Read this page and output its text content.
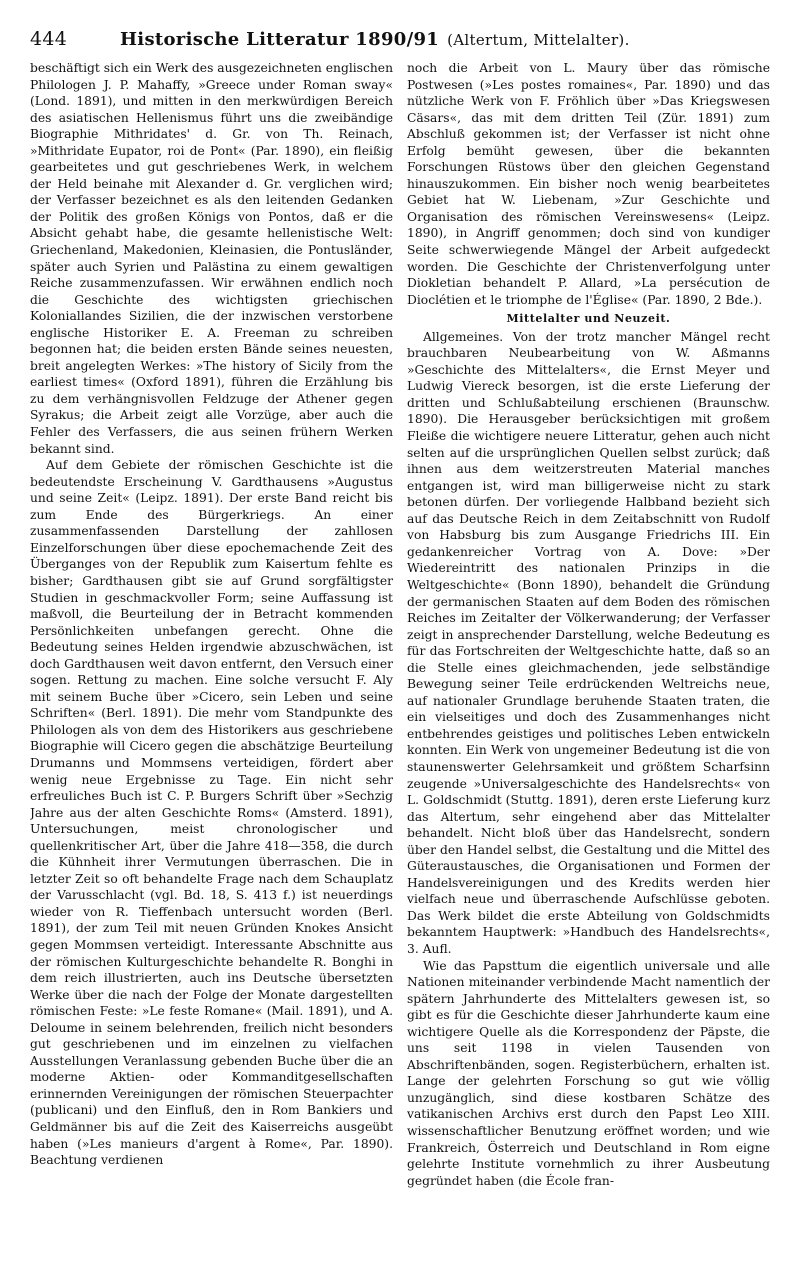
444	Historische Litteratur 1890/91 (Altertum, Mittelalter).

beschäftigt sich ein Werk des ausgezeichneten englischen Philologen J. P. Mahaffy, »Greece under Roman sway« (Lond. 1891), und mitten in den merkwürdigen Bereich des asiatischen Hellenismus führt uns die zweibändige Biographie Mithridates' d. Gr. von Th. Reinach, »Mithridate Eupator, roi de Pont« (Par. 1890), ein fleißig gearbeitetes und gut geschriebenes Werk, in welchem der Held beinahe mit Alexander d. Gr. verglichen wird; der Verfasser bezeichnet es als den leitenden Gedanken der Politik des großen Königs von Pontos, daß er die Absicht gehabt habe, die gesamte hellenistische Welt: Griechenland, Makedonien, Kleinasien, die Pontusländer, später auch Syrien und Palästina zu einem gewaltigen Reiche zusammenzufassen. Wir erwähnen endlich noch die Geschichte des wichtigsten griechischen Koloniallandes Sizilien, die der inzwischen verstorbene englische Historiker E. A. Freeman zu schreiben begonnen hat; die beiden ersten Bände seines neuesten, breit angelegten Werkes: »The history of Sicily from the earliest times« (Oxford 1891), führen die Erzählung bis zu dem verhängnisvollen Feldzuge der Athener gegen Syrakus; die Arbeit zeigt alle Vorzüge, aber auch die Fehler des Verfassers, die aus seinen frühern Werken bekannt sind.

Auf dem Gebiete der römischen Geschichte ist die bedeutendste Erscheinung V. Gardthausens »Augustus und seine Zeit« (Leipz. 1891). Der erste Band reicht bis zum Ende des Bürgerkriegs. An einer zusammenfassenden Darstellung der zahllosen Einzelforschungen über diese epochemachende Zeit des Überganges von der Republik zum Kaisertum fehlte es bisher; Gardthausen gibt sie auf Grund sorgfältigster Studien in geschmackvoller Form; seine Auffassung ist maßvoll, die Beurteilung der in Betracht kommenden Persönlichkeiten unbefangen gerecht. Ohne die Bedeutung seines Helden irgendwie abzuschwächen, ist doch Gardthausen weit davon entfernt, den Versuch einer sogen. Rettung zu machen. Eine solche versucht F. Aly mit seinem Buche über »Cicero, sein Leben und seine Schriften« (Berl. 1891). Die mehr vom Standpunkte des Philologen als von dem des Historikers aus geschriebene Biographie will Cicero gegen die abschätzige Beurteilung Drumanns und Mommsens verteidigen, fördert aber wenig neue Ergebnisse zu Tage. Ein nicht sehr erfreuliches Buch ist C. P. Burgers Schrift über »Sechzig Jahre aus der alten Geschichte Roms« (Amsterd. 1891), Untersuchungen, meist chronologischer und quellenkritischer Art, über die Jahre 418—358, die durch die Kühnheit ihrer Vermutungen überraschen. Die in letzter Zeit so oft behandelte Frage nach dem Schauplatz der Varusschlacht (vgl. Bd. 18, S. 413 f.) ist neuerdings wieder von R. Tieffenbach untersucht worden (Berl. 1891), der zum Teil mit neuen Gründen Knokes Ansicht gegen Mommsen verteidigt. Interessante Abschnitte aus der römischen Kulturgeschichte behandelte R. Bonghi in dem reich illustrierten, auch ins Deutsche übersetzten Werke über die nach der Folge der Monate dargestellten römischen Feste: »Le feste Romane« (Mail. 1891), und A. Deloume in seinem belehrenden, freilich nicht besonders gut geschriebenen und im einzelnen zu vielfachen Ausstellungen Veranlassung gebenden Buche über die an moderne Aktien- oder Kommanditgesellschaften erinnernden Vereinigungen der römischen Steuerpachter (publicani) und den Einfluß, den in Rom Bankiers und Geldmänner bis auf die Zeit des Kaiserreichs ausgeübt haben (»Les manieurs d'argent à Rome«, Par. 1890). Beachtung verdienen

noch die Arbeit von L. Maury über das römische Postwesen (»Les postes romaines«, Par. 1890) und das nützliche Werk von F. Fröhlich über »Das Kriegswesen Cäsars«, das mit dem dritten Teil (Zür. 1891) zum Abschluß gekommen ist; der Verfasser ist nicht ohne Erfolg bemüht gewesen, über die bekannten Forschungen Rüstows über den gleichen Gegenstand hinauszukommen. Ein bisher noch wenig bearbeitetes Gebiet hat W. Liebenam, »Zur Geschichte und Organisation des römischen Vereinswesens« (Leipz. 1890), in Angriff genommen; doch sind von kundiger Seite schwerwiegende Mängel der Arbeit aufgedeckt worden. Die Geschichte der Christenverfolgung unter Diokletian behandelt P. Allard, »La persécution de Dioclétien et le triomphe de l'Église« (Par. 1890, 2 Bde.).

Mittelalter und Neuzeit.

Allgemeines. Von der trotz mancher Mängel recht brauchbaren Neubearbeitung von W. Aßmanns »Geschichte des Mittelalters«, die Ernst Meyer und Ludwig Viereck besorgen, ist die erste Lieferung der dritten und Schlußabteilung erschienen (Braunschw. 1890). Die Herausgeber berücksichtigen mit großem Fleiße die wichtigere neuere Litteratur, gehen auch nicht selten auf die ursprünglichen Quellen selbst zurück; daß ihnen aus dem weitzerstreuten Material manches entgangen ist, wird man billigerweise nicht zu stark betonen dürfen. Der vorliegende Halbband bezieht sich auf das Deutsche Reich in dem Zeitabschnitt von Rudolf von Habsburg bis zum Ausgange Friedrichs III. Ein gedankenreicher Vortrag von A. Dove: »Der Wiedereintritt des nationalen Prinzips in die Weltgeschichte« (Bonn 1890), behandelt die Gründung der germanischen Staaten auf dem Boden des römischen Reiches im Zeitalter der Völkerwanderung; der Verfasser zeigt in ansprechender Darstellung, welche Bedeutung es für das Fortschreiten der Weltgeschichte hatte, daß so an die Stelle eines gleichmachenden, jede selbständige Bewegung seiner Teile erdrückenden Weltreichs neue, auf nationaler Grundlage beruhende Staaten traten, die ein vielseitiges und doch des Zusammenhanges nicht entbehrendes geistiges und politisches Leben entwickeln konnten. Ein Werk von ungemeiner Bedeutung ist die von staunenswerter Gelehrsamkeit und größtem Scharfsinn zeugende »Universalgeschichte des Handelsrechts« von L. Goldschmidt (Stuttg. 1891), deren erste Lieferung kurz das Altertum, sehr eingehend aber das Mittelalter behandelt. Nicht bloß über das Handelsrecht, sondern über den Handel selbst, die Gestaltung und die Mittel des Güteraustausches, die Organisationen und Formen der Handelsvereinigungen und des Kredits werden hier vielfach neue und überraschende Aufschlüsse geboten. Das Werk bildet die erste Abteilung von Goldschmidts bekanntem Hauptwerk: »Handbuch des Handelsrechts«, 3. Aufl.

Wie das Papsttum die eigentlich universale und alle Nationen miteinander verbindende Macht namentlich der spätern Jahrhunderte des Mittelalters gewesen ist, so gibt es für die Geschichte dieser Jahrhunderte kaum eine wichtigere Quelle als die Korrespondenz der Päpste, die uns seit 1198 in vielen Tausenden von Abschriftenbänden, sogen. Registerbüchern, erhalten ist. Lange der gelehrten Forschung so gut wie völlig unzugänglich, sind diese kostbaren Schätze des vatikanischen Archivs erst durch den Papst Leo XIII. wissenschaftlicher Benutzung eröffnet worden; und wie Frankreich, Österreich und Deutschland in Rom eigne gelehrte Institute vornehmlich zu ihrer Ausbeutung gegründet haben (die École fran-
